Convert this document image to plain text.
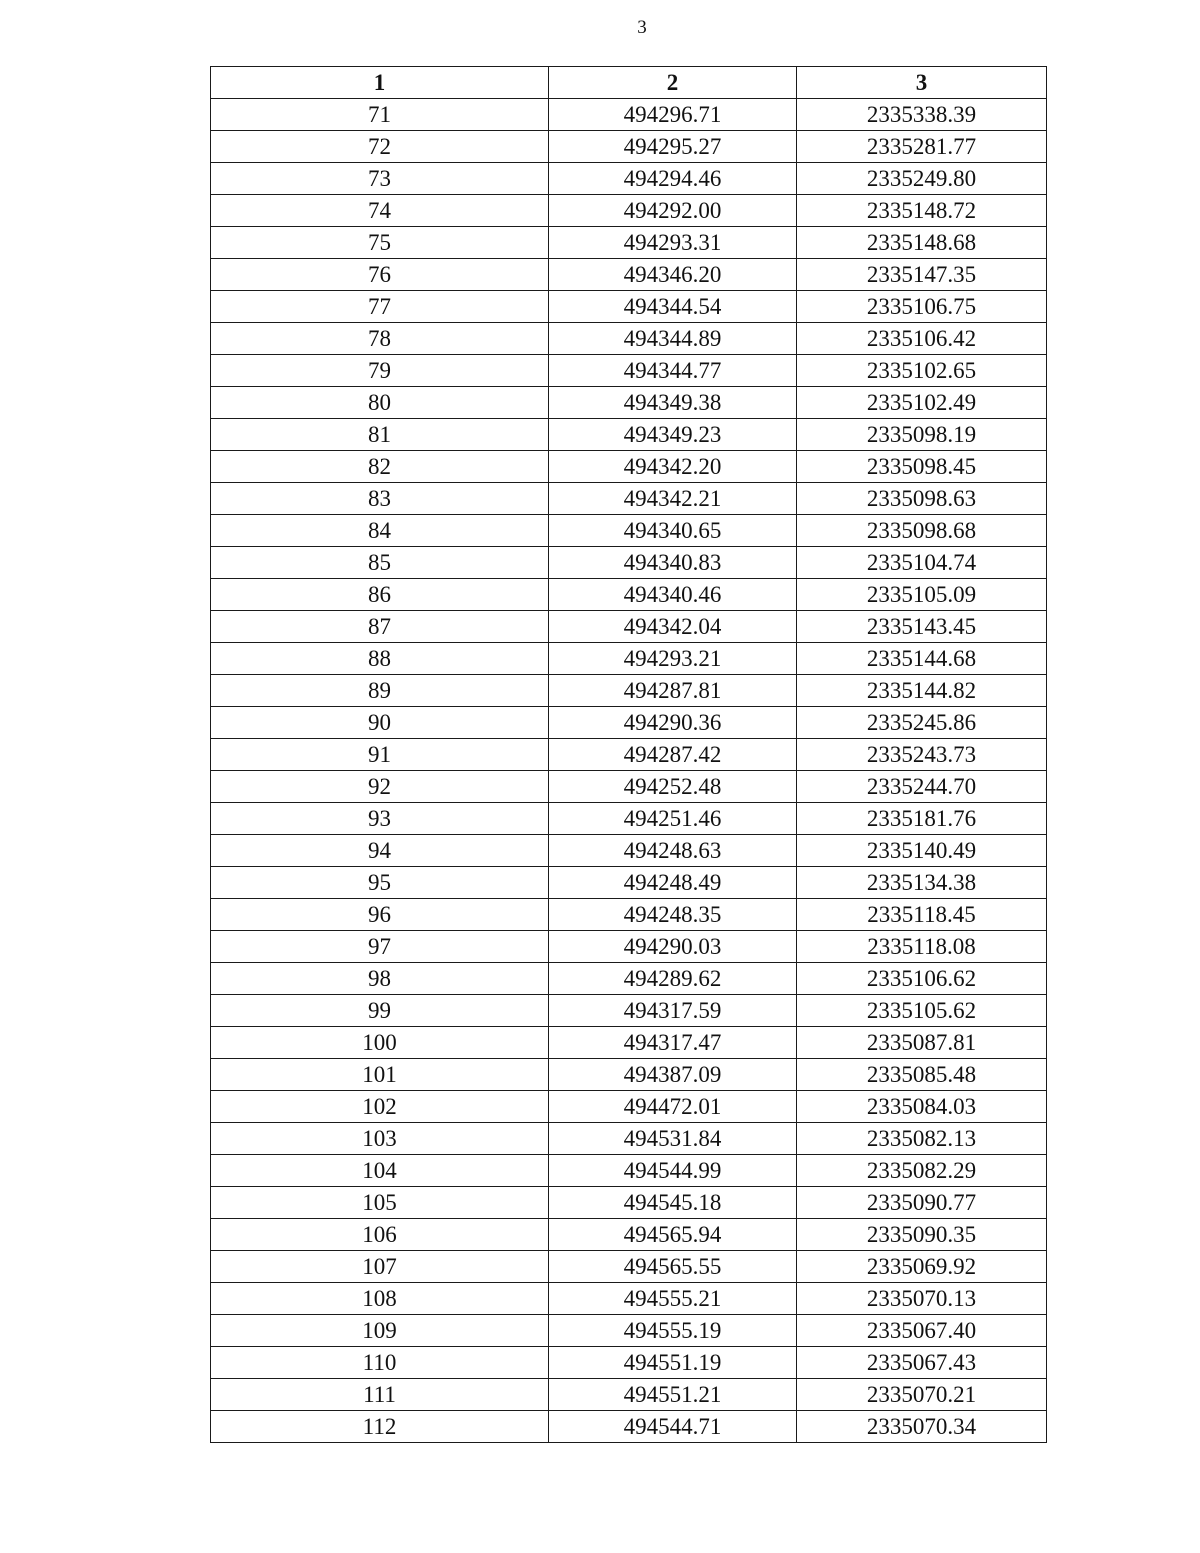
3
1	2	3
71	494296.71	2335338.39
72	494295.27	2335281.77
73	494294.46	2335249.80
74	494292.00	2335148.72
75	494293.31	2335148.68
76	494346.20	2335147.35
77	494344.54	2335106.75
78	494344.89	2335106.42
79	494344.77	2335102.65
80	494349.38	2335102.49
81	494349.23	2335098.19
82	494342.20	2335098.45
83	494342.21	2335098.63
84	494340.65	2335098.68
85	494340.83	2335104.74
86	494340.46	2335105.09
87	494342.04	2335143.45
88	494293.21	2335144.68
89	494287.81	2335144.82
90	494290.36	2335245.86
91	494287.42	2335243.73
92	494252.48	2335244.70
93	494251.46	2335181.76
94	494248.63	2335140.49
95	494248.49	2335134.38
96	494248.35	2335118.45
97	494290.03	2335118.08
98	494289.62	2335106.62
99	494317.59	2335105.62
100	494317.47	2335087.81
101	494387.09	2335085.48
102	494472.01	2335084.03
103	494531.84	2335082.13
104	494544.99	2335082.29
105	494545.18	2335090.77
106	494565.94	2335090.35
107	494565.55	2335069.92
108	494555.21	2335070.13
109	494555.19	2335067.40
110	494551.19	2335067.43
111	494551.21	2335070.21
112	494544.71	2335070.34
